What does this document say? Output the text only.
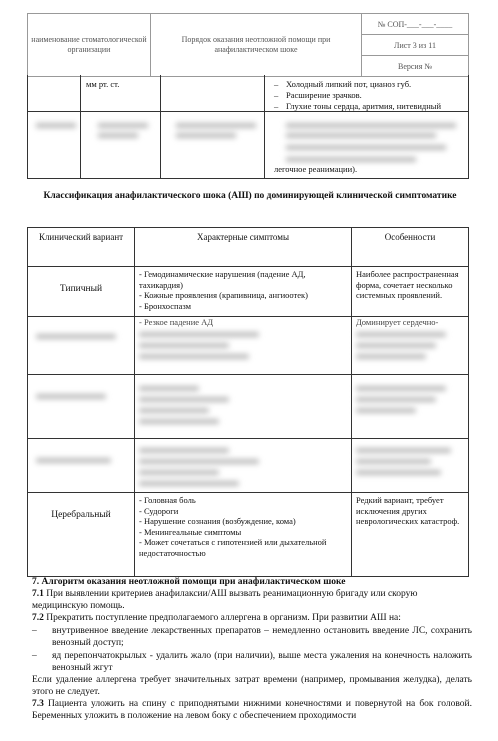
наименование стоматологической организации
Порядок оказания неотложной помощи при анафилактическом шоке
№ СОП-___-___-____
Лист 3 из 11
Версия №
мм рт. ст.
–	Холодный липкий пот, цианоз губ.
– Расширение зрачков.
– Глухие тоны сердца, аритмия, нитевидный
легочное реанимации).
Классификация анафилактического шока (АШ) по доминирующей клинической симптоматике
Клинический вариант	Характерные симптомы	Особенности
Типичный
- Гемодинамические нарушения (падение АД, тахикардия)
- Кожные проявления (крапивница, ангиоотек)
- Бронхоспазм
Наиболее распространенная форма, сочетает несколько системных проявлений.
- Резкое падение АД	Доминирует сердечно-
Церебральный
- Головная боль
- Судороги
- Нарушение сознания (возбуждение, кома)
- Менингеальные симптомы
- Может сочетаться с гипотензией или дыхательной недостаточностью
Редкий вариант, требует исключения других неврологических катастроф.
7. Алгоритм оказания неотложной помощи при анафилактическом шоке
7.1 При выявлении критериев анафилаксии/АШ вызвать реанимационную бригаду или скорую медицинскую помощь.
7.2 Прекратить поступление предполагаемого аллергена в организм. При развитии АШ на:
– внутривенное введение лекарственных препаратов – немедленно остановить введение ЛС, сохранить венозный доступ;
– яд перепончатокрылых - удалить жало (при наличии), выше места ужаления на конечность наложить венозный жгут
Если удаление аллергена требует значительных затрат времени (например, промывания желудка), делать этого не следует.
7.3 Пациента уложить на спину с приподнятыми нижними конечностями и повернутой на бок головой. Беременных уложить в положение на левом боку с обеспечением проходимости
